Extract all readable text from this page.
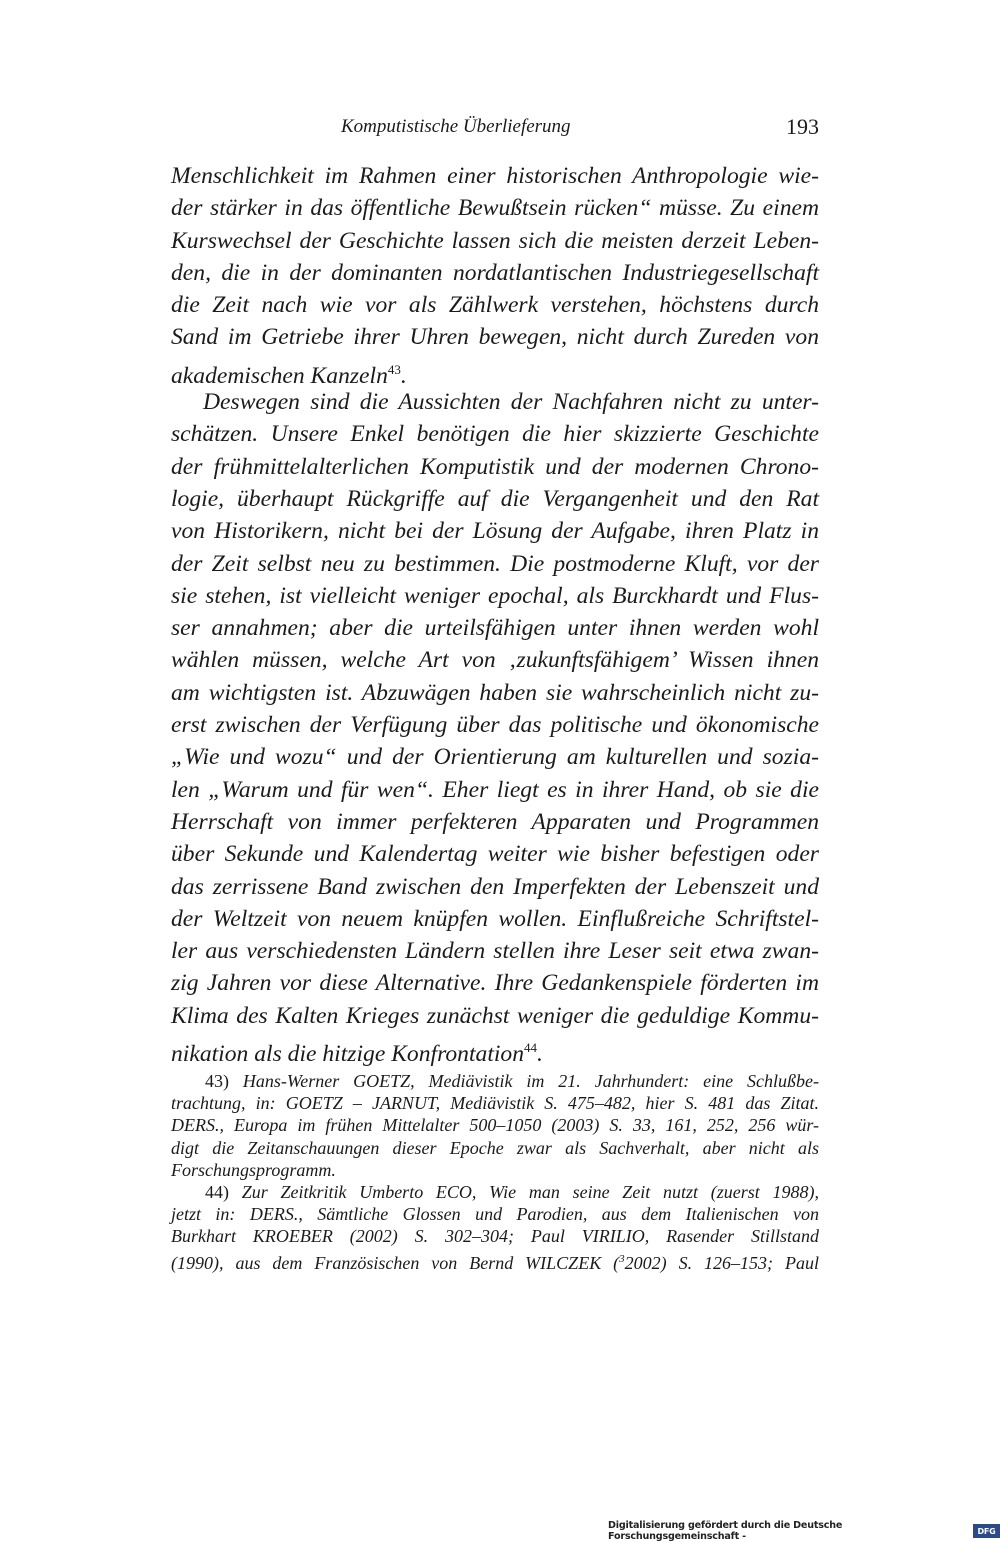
Komputistische Überlieferung	193
Menschlichkeit im Rahmen einer historischen Anthropologie wie-
der stärker in das öffentliche Bewußtsein rücken“ müsse. Zu einem
Kurswechsel der Geschichte lassen sich die meisten derzeit Leben-
den, die in der dominanten nordatlantischen Industriegesellschaft
die Zeit nach wie vor als Zählwerk verstehen, höchstens durch
Sand im Getriebe ihrer Uhren bewegen, nicht durch Zureden von
akademischen Kanzeln$^{43}$.
Deswegen sind die Aussichten der Nachfahren nicht zu unter-
schätzen. Unsere Enkel benötigen die hier skizzierte Geschichte
der frühmittelalterlichen Komputistik und der modernen Chrono-
logie, überhaupt Rückgriffe auf die Vergangenheit und den Rat
von Historikern, nicht bei der Lösung der Aufgabe, ihren Platz in
der Zeit selbst neu zu bestimmen. Die postmoderne Kluft, vor der
sie stehen, ist vielleicht weniger epochal, als Burckhardt und Flus-
ser annahmen; aber die urteilsfähigen unter ihnen werden wohl
wählen müssen, welche Art von ‚zukunftsfähigem’ Wissen ihnen
am wichtigsten ist. Abzuwägen haben sie wahrscheinlich nicht zu-
erst zwischen der Verfügung über das politische und ökonomische
„Wie und wozu“ und der Orientierung am kulturellen und sozia-
len „Warum und für wen“. Eher liegt es in ihrer Hand, ob sie die
Herrschaft von immer perfekteren Apparaten und Programmen
über Sekunde und Kalendertag weiter wie bisher befestigen oder
das zerrissene Band zwischen den Imperfekten der Lebenszeit und
der Weltzeit von neuem knüpfen wollen. Einflußreiche Schriftstel-
ler aus verschiedensten Ländern stellen ihre Leser seit etwa zwan-
zig Jahren vor diese Alternative. Ihre Gedankenspiele förderten im
Klima des Kalten Krieges zunächst weniger die geduldige Kommu-
nikation als die hitzige Konfrontation$^{44}$.
43) Hans-Werner GOETZ, Mediävistik im 21. Jahrhundert: eine Schlußbe-
trachtung, in: GOETZ – JARNUT, Mediävistik S. 475–482, hier S. 481 das Zitat.
DERS., Europa im frühen Mittelalter 500–1050 (2003) S. 33, 161, 252, 256 wür-
digt die Zeitanschauungen dieser Epoche zwar als Sachverhalt, aber nicht als
Forschungsprogramm.
44) Zur Zeitkritik Umberto ECO, Wie man seine Zeit nutzt (zuerst 1988),
jetzt in: DERS., Sämtliche Glossen und Parodien, aus dem Italienischen von
Burkhart KROEBER (2002) S. 302–304; Paul VIRILIO, Rasender Stillstand
(1990), aus dem Französischen von Bernd WILCZEK ($^3$2002) S. 126–153; Paul
Digitalisierung gefördert durch die Deutsche Forschungsgemeinschaft -	DFG
